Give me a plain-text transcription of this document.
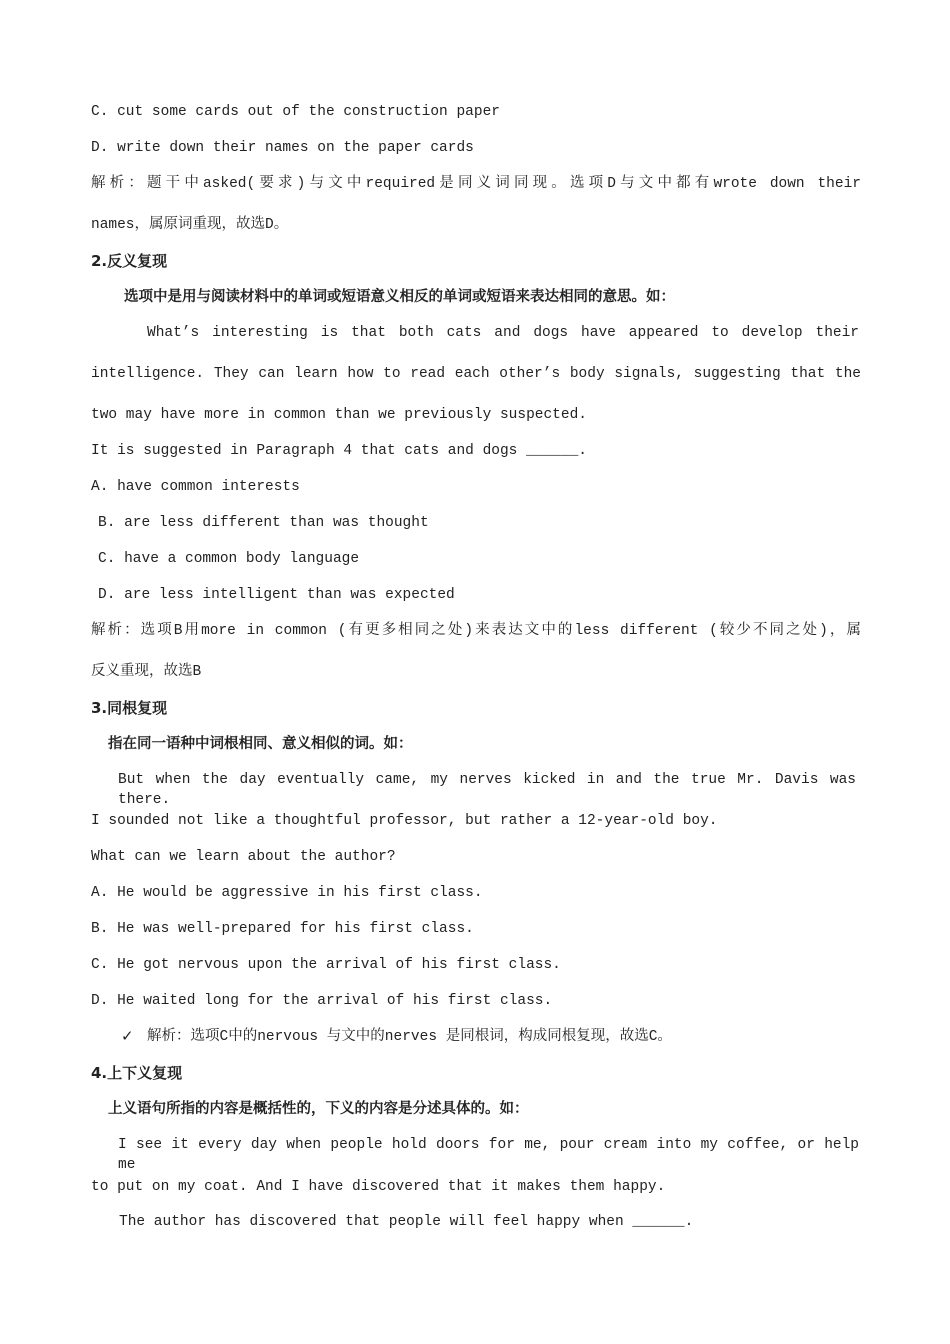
C. cut some cards out of the construction paper

D. write down their names on the paper cards

解析：题干中asked(要求)与文中required是同义词同现。选项D与文中都有wrote down their

names，属原词重现，故选D。

2.反义复现

选项中是用与阅读材料中的单词或短语意义相反的单词或短语来表达相同的意思。如：

What’s interesting is that both cats and dogs have appeared to develop their

intelligence. They can learn how to read each other’s body signals, suggesting that the

two may have more in common than we previously suspected.

It is suggested in Paragraph 4 that cats and dogs ______.

A. have common interests

B. are less different than was thought

C. have a common body language

D. are less intelligent than was expected

解析：选项B用more in common (有更多相同之处)来表达文中的less different (较少不同之处)，属

反义重现，故选B

3.同根复现

指在同一语种中词根相同、意义相似的词。如：

But when the day eventually came, my nerves kicked in and the true Mr. Davis was there.

I sounded not like a thoughtful professor, but rather a 12-year-old boy.

What can we learn about the author?

A. He would be aggressive in his first class.

B. He was well-prepared for his first class.

C. He got nervous upon the arrival of his first class.

D. He waited long for the arrival of his first class.

✓ 解析：选项C中的nervous 与文中的nerves 是同根词，构成同根复现，故选C。

4.上下义复现

上义语句所指的内容是概括性的，下义的内容是分述具体的。如：

I see it every day when people hold doors for me, pour cream into my coffee, or help me

to put on my coat. And I have discovered that it makes them happy.

The author has discovered that people will feel happy when ______.
